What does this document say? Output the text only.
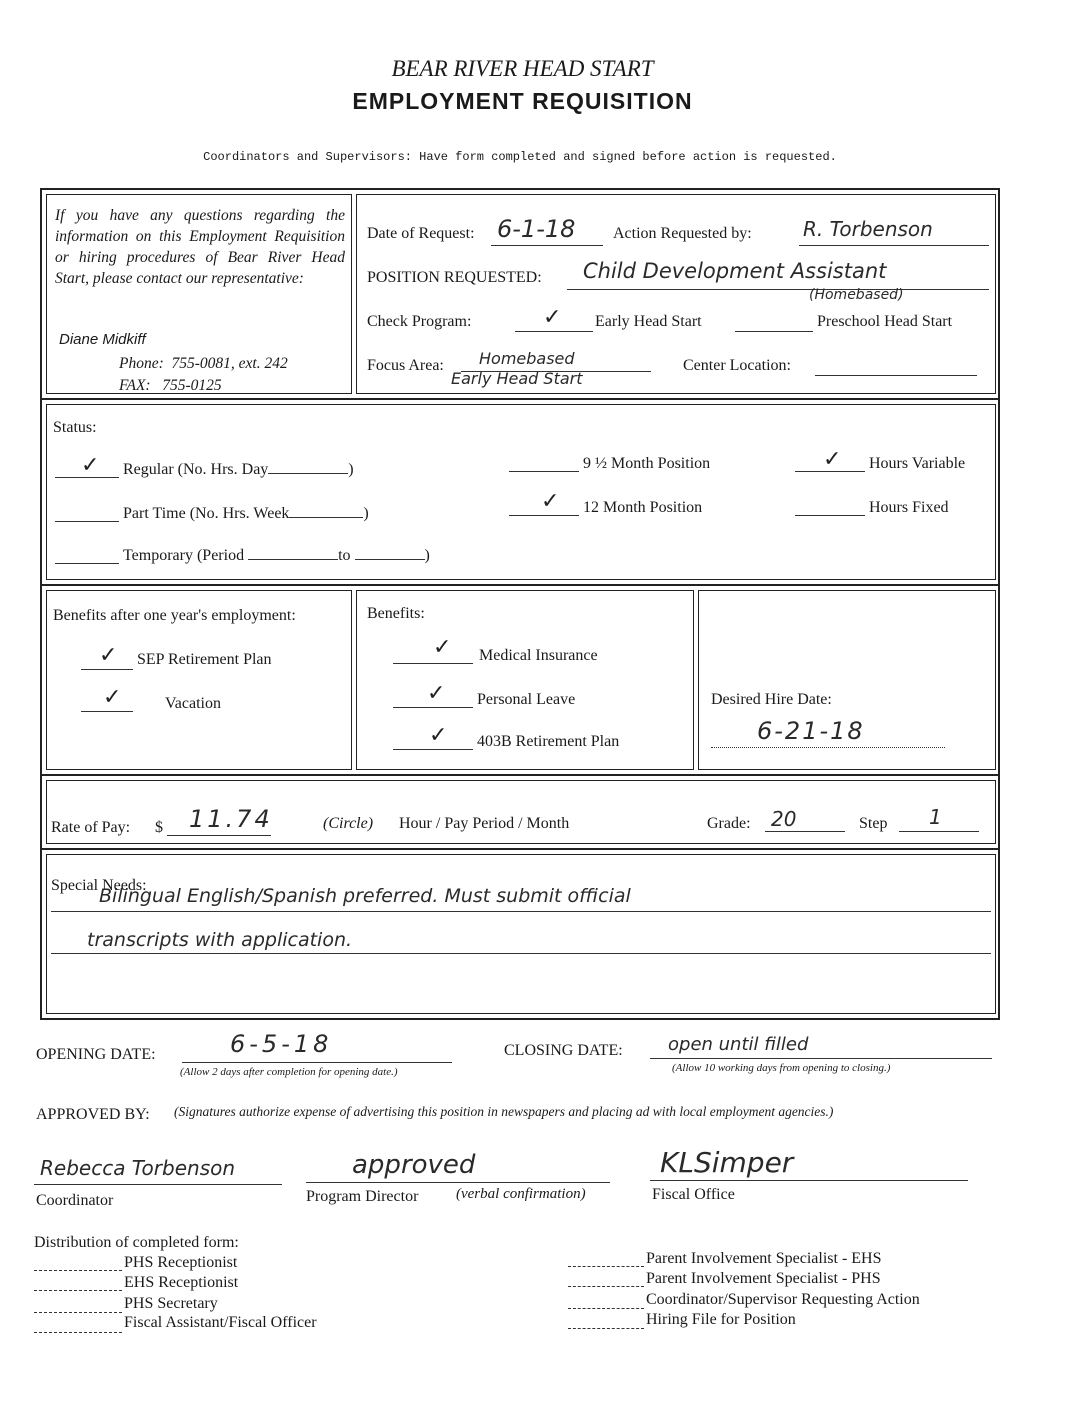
BEAR RIVER HEAD START
EMPLOYMENT REQUISITION
Coordinators and Supervisors: Have form completed and signed before action is requested.
If you have any questions regarding the information on this Employment Requisition or hiring procedures of Bear River Head Start, please contact our representative:
Diane Midkiff
Phone: 755-0081, ext. 242
FAX: 755-0125
Date of Request: 6-1-18 Action Requested by:	R. Torbenson
POSITION REQUESTED: Child Development Assistant
(Homebased)
Check Program:	✓ Early Head Start	Preschool Head Start
Focus Area: Homebased
Early Head Start
Center Location:
Status:
✓ Regular (No. Hrs. Day	)
Part Time (No. Hrs. Week	)
Temporary (Period	to	)
9 ½ Month Position
✓ 12 Month Position
✓ Hours Variable
Hours Fixed
Benefits after one year's employment:
✓ SEP Retirement Plan
✓	Vacation
Benefits:
✓ Medical Insurance
✓ Personal Leave
✓ 403B Retirement Plan
Desired Hire Date:
6-21-18
Rate of Pay: $ 11.74	(Circle) Hour / Pay Period / Month	Grade: 20	Step 1
Special Needs:
Bilingual English/Spanish preferred. Must submit official
transcripts with application.
OPENING DATE:	6-5-18
(Allow 2 days after completion for opening date.)
CLOSING DATE:	open until filled
(Allow 10 working days from opening to closing.)
APPROVED BY: (Signatures authorize expense of advertising this position in newspapers and placing ad with local employment agencies.)
Rebecca Torbenson
Coordinator
approved
Program Director	(verbal confirmation)
KLSimper
Fiscal Office
Distribution of completed form:
PHS Receptionist
EHS Receptionist
PHS Secretary
Fiscal Assistant/Fiscal Officer
Parent Involvement Specialist - EHS
Parent Involvement Specialist - PHS
Coordinator/Supervisor Requesting Action
Hiring File for Position
